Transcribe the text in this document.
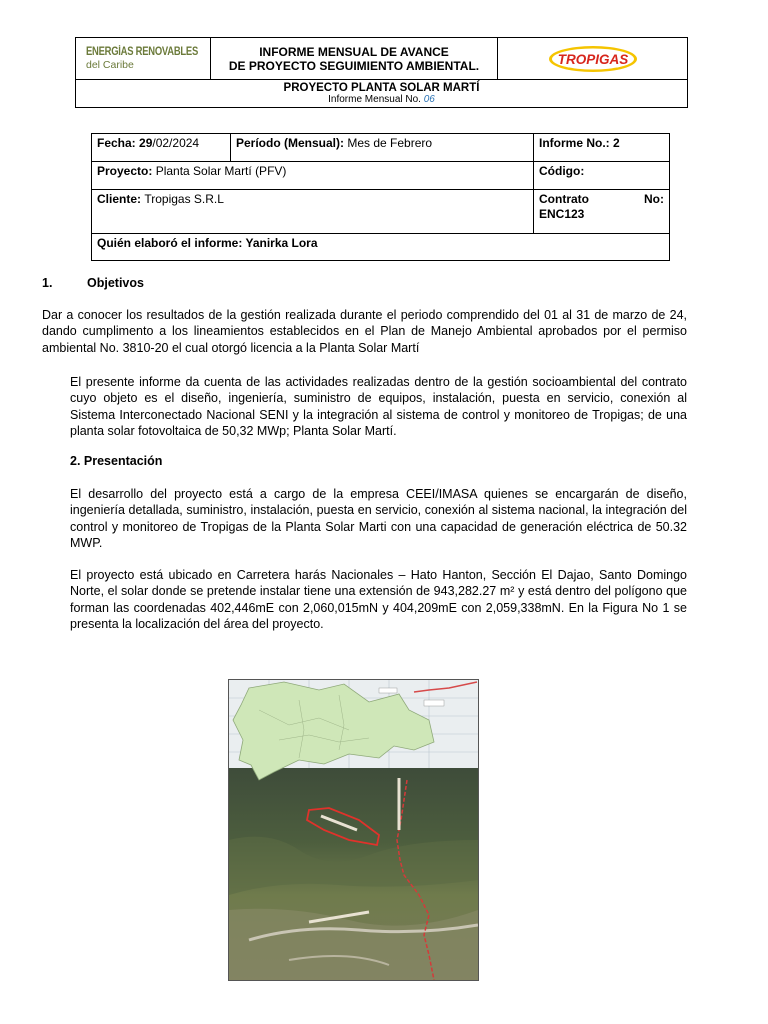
ENERGÍAS RENOVABLES
del Caribe
	INFORME MENSUAL DE AVANCE
DE PROYECTO SEGUIMIENTO AMBIENTAL.	TROPIGAS

PROYECTO PLANTA SOLAR MARTÍ
Informe Mensual No. 06
Fecha: 29/02/2024	Período (Mensual): Mes de Febrero	Informe No.: 2
Proyecto: Planta Solar Martí (PFV)		Código:
Cliente: Tropigas S.R.L		Contrato No:
ENC123
Quién elaboró el informe: Yanirka Lora		
1.	Objetivos

Dar a conocer los resultados de la gestión realizada durante el periodo comprendido del 01 al 31 de marzo de 24, dando cumplimento a los lineamientos establecidos en el Plan de Manejo Ambiental aprobados por el permiso ambiental No. 3810-20 el cual otorgó licencia a la Planta Solar Martí

El presente informe da cuenta de las actividades realizadas dentro de la gestión socioambiental del contrato cuyo objeto es el diseño, ingeniería, suministro de equipos, instalación, puesta en servicio, conexión al Sistema Interconectado Nacional SENI y la integración al sistema de control y monitoreo de Tropigas; de una planta solar fotovoltaica de 50,32 MWp; Planta Solar Martí.

2. Presentación

El desarrollo del proyecto está a cargo de la empresa CEEI/IMASA quienes se encargarán de diseño, ingeniería detallada, suministro, instalación, puesta en servicio, conexión al sistema nacional, la integración del control y monitoreo de Tropigas de la Planta Solar Marti con una capacidad de generación eléctrica de 50.32 MWP.

El proyecto está ubicado en Carretera harás Nacionales – Hato Hanton, Sección El Dajao, Santo Domingo Norte, el solar donde se pretende instalar tiene una extensión de 943,282.27 m² y está dentro del polígono que forman las coordenadas 402,446mE con 2,060,015mN y 404,209mE con 2,059,338mN. En la Figura No 1 se presenta la localización del área del proyecto.
